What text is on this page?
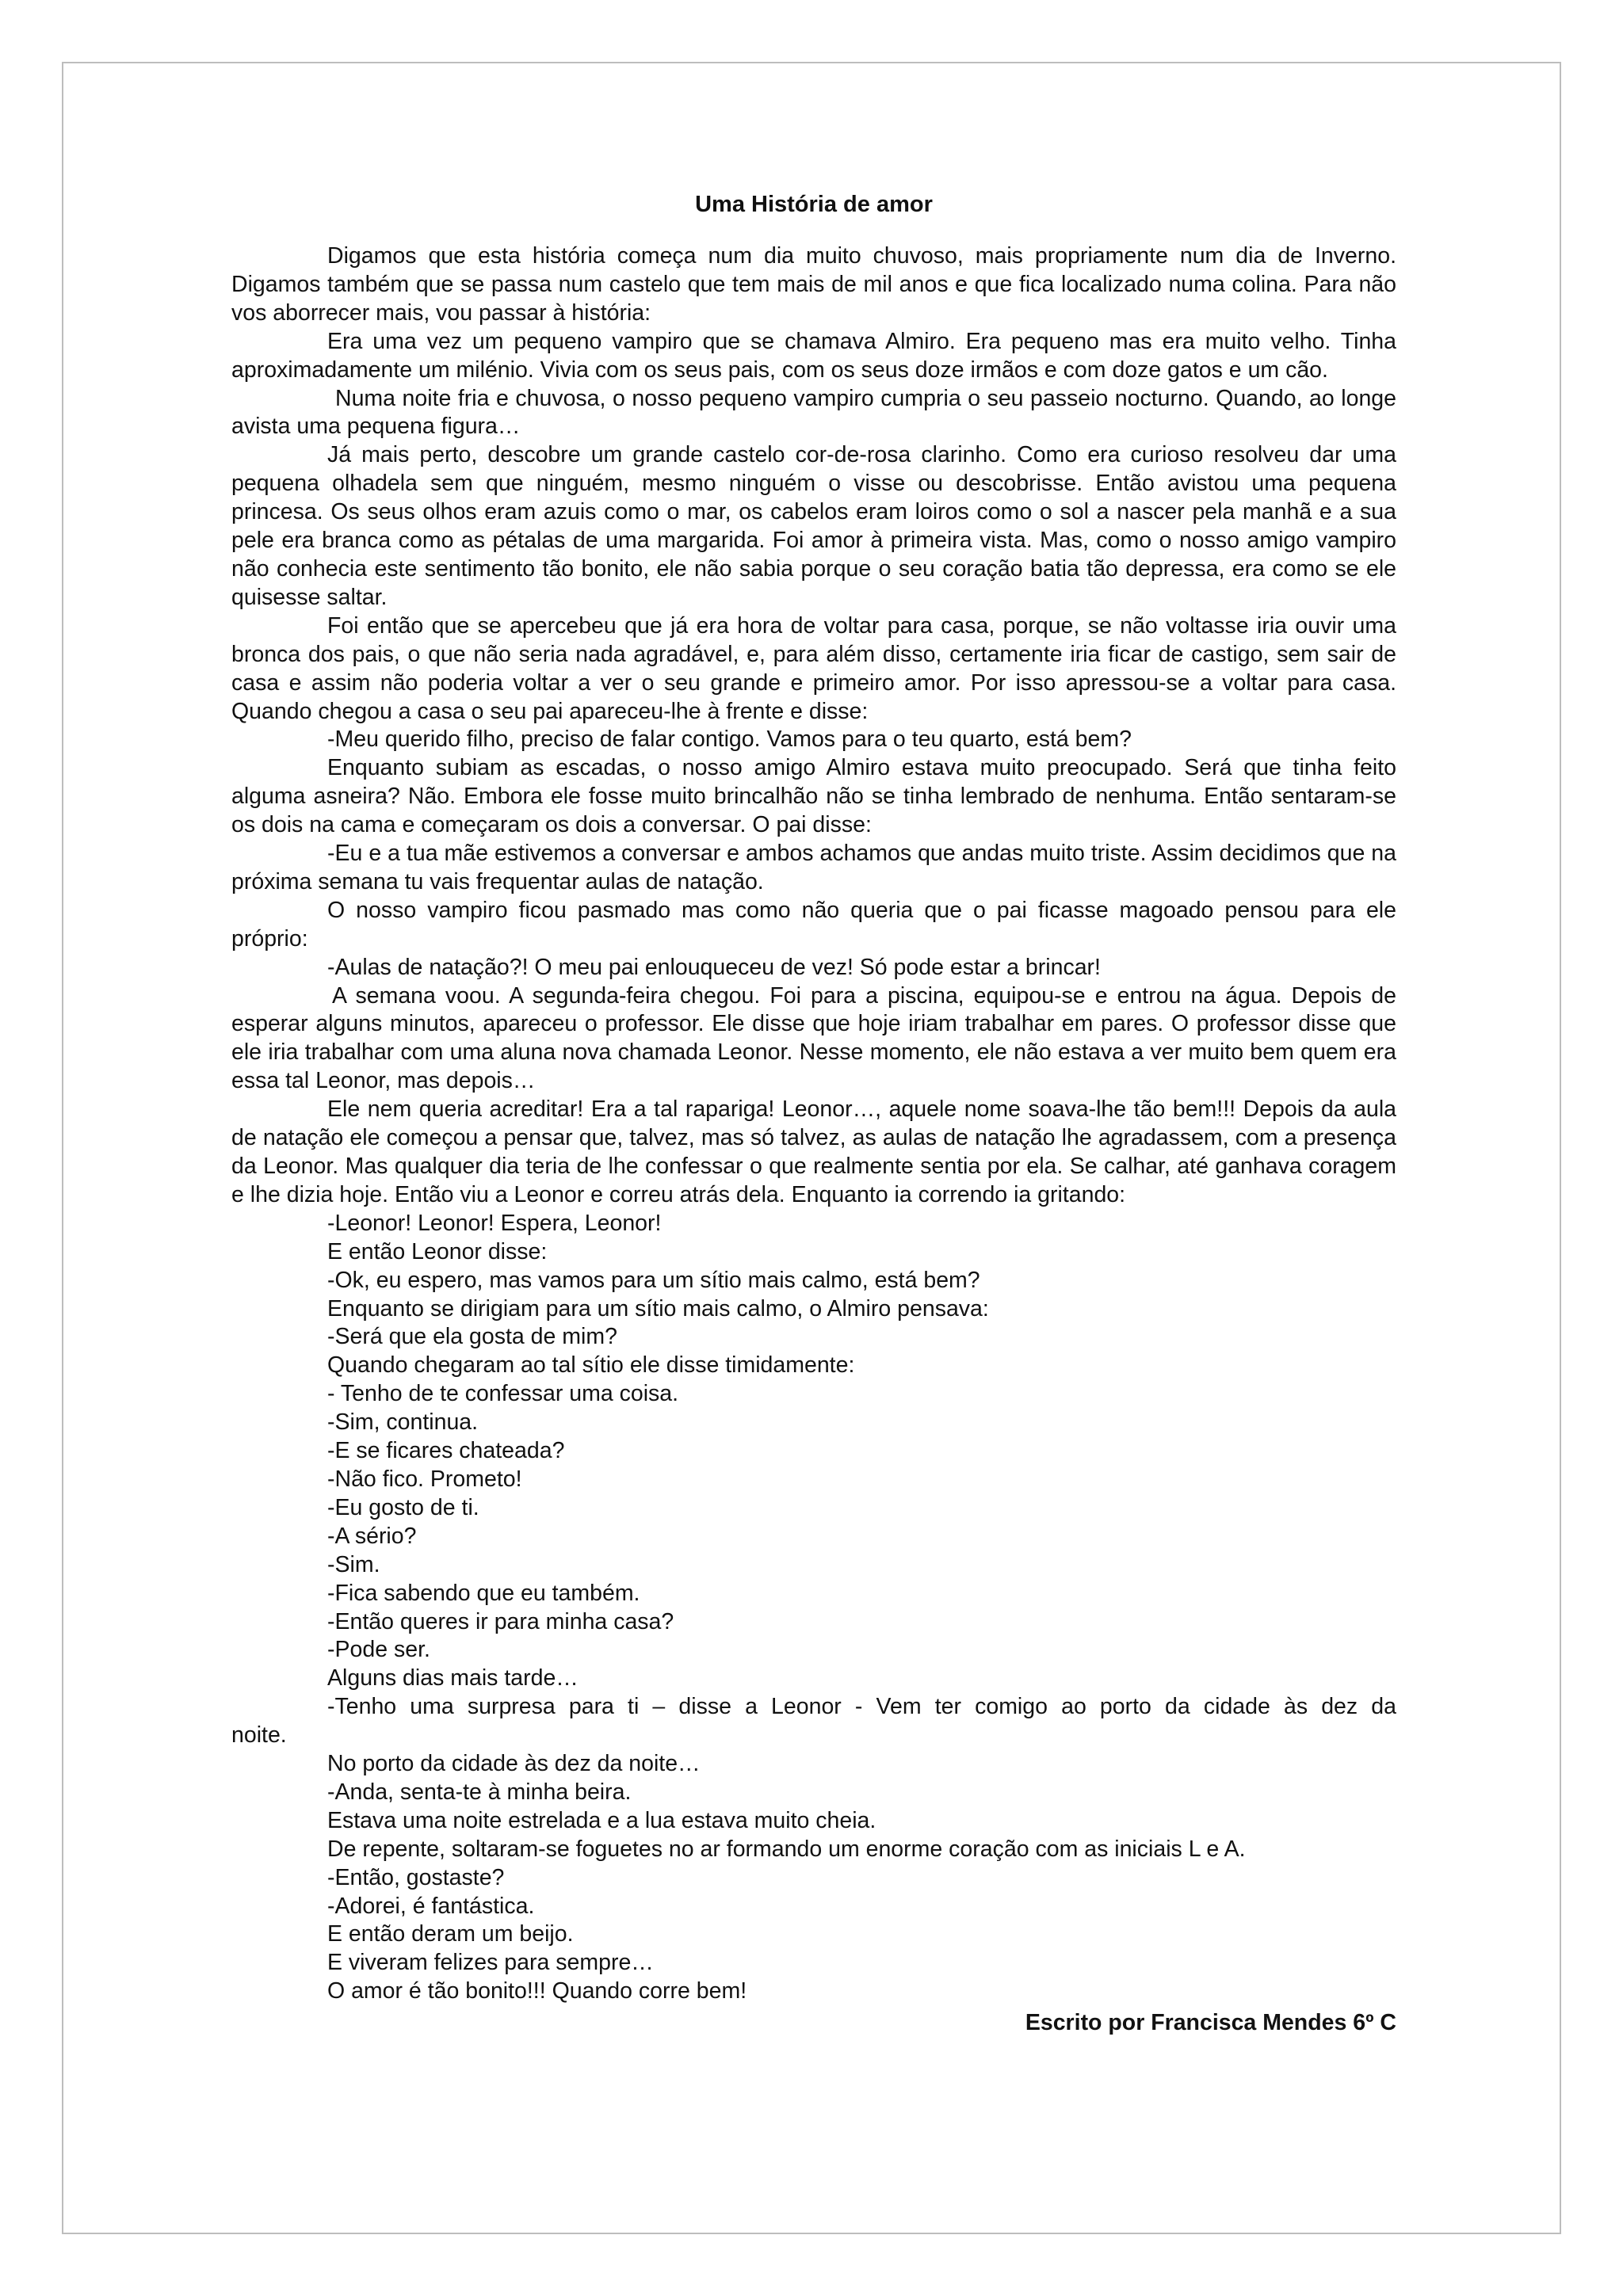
Uma História de amor

Digamos que esta história começa num dia muito chuvoso, mais propriamente num dia de Inverno. Digamos também que se passa num castelo que tem mais de mil anos e que fica localizado numa colina. Para não vos aborrecer mais, vou passar à história:

Era uma vez um pequeno vampiro que se chamava Almiro. Era pequeno mas era muito velho. Tinha aproximadamente um milénio. Vivia com os seus pais, com os seus doze irmãos e com doze gatos e um cão.

Numa noite fria e chuvosa, o nosso pequeno vampiro cumpria o seu passeio nocturno. Quando, ao longe avista uma pequena figura…

Já mais perto, descobre um grande castelo cor-de-rosa clarinho. Como era curioso resolveu dar uma pequena olhadela sem que ninguém, mesmo ninguém o visse ou descobrisse. Então avistou uma pequena princesa. Os seus olhos eram azuis como o mar, os cabelos eram loiros como o sol a nascer pela manhã e a sua pele era branca como as pétalas de uma margarida. Foi amor à primeira vista. Mas, como o nosso amigo vampiro não conhecia este sentimento tão bonito, ele não sabia porque o seu coração batia tão depressa, era como se ele quisesse saltar.

Foi então que se apercebeu que já era hora de voltar para casa, porque, se não voltasse iria ouvir uma bronca dos pais, o que não seria nada agradável, e, para além disso, certamente iria ficar de castigo, sem sair de casa e assim não poderia voltar a ver o seu grande e primeiro amor. Por isso apressou-se a voltar para casa. Quando chegou a casa o seu pai apareceu-lhe à frente e disse:

-Meu querido filho, preciso de falar contigo. Vamos para o teu quarto, está bem?

Enquanto subiam as escadas, o nosso amigo Almiro estava muito preocupado. Será que tinha feito alguma asneira? Não. Embora ele fosse muito brincalhão não se tinha lembrado de nenhuma. Então sentaram-se os dois na cama e começaram os dois a conversar. O pai disse:

-Eu e a tua mãe estivemos a conversar e ambos achamos que andas muito triste. Assim decidimos que na próxima semana tu vais frequentar aulas de natação.

O nosso vampiro ficou pasmado mas como não queria que o pai ficasse magoado pensou para ele próprio:

-Aulas de natação?! O meu pai enlouqueceu de vez! Só pode estar a brincar!

A semana voou. A segunda-feira chegou. Foi para a piscina, equipou-se e entrou na água. Depois de esperar alguns minutos, apareceu o professor. Ele disse que hoje iriam trabalhar em pares. O professor disse que ele iria trabalhar com uma aluna nova chamada Leonor. Nesse momento, ele não estava a ver muito bem quem era essa tal Leonor, mas depois…

Ele nem queria acreditar! Era a tal rapariga! Leonor…, aquele nome soava-lhe tão bem!!! Depois da aula de natação ele começou a pensar que, talvez, mas só talvez, as aulas de natação lhe agradassem, com a presença da Leonor. Mas qualquer dia teria de lhe confessar o que realmente sentia por ela. Se calhar, até ganhava coragem e lhe dizia hoje. Então viu a Leonor e correu atrás dela. Enquanto ia correndo ia gritando:

-Leonor! Leonor! Espera, Leonor!

E então Leonor disse:

-Ok, eu espero, mas vamos para um sítio mais calmo, está bem?

Enquanto se dirigiam para um sítio mais calmo, o Almiro pensava:

-Será que ela gosta de mim?

Quando chegaram ao tal sítio ele disse timidamente:

- Tenho de te confessar uma coisa.

-Sim, continua.

-E se ficares chateada?

-Não fico. Prometo!

-Eu gosto de ti.

-A sério?

-Sim.

-Fica sabendo que eu também.

-Então queres ir para minha casa?

-Pode ser.

Alguns dias mais tarde…

-Tenho uma surpresa para ti – disse a Leonor - Vem ter comigo ao porto da cidade às dez da

noite.

No porto da cidade às dez da noite…

-Anda, senta-te à minha beira.

Estava uma noite estrelada e a lua estava muito cheia.

De repente, soltaram-se foguetes no ar formando um enorme coração com as iniciais L e A.

-Então, gostaste?

-Adorei, é fantástica.

E então deram um beijo.

E viveram felizes para sempre…

O amor é tão bonito!!! Quando corre bem!

Escrito por Francisca Mendes 6º C
